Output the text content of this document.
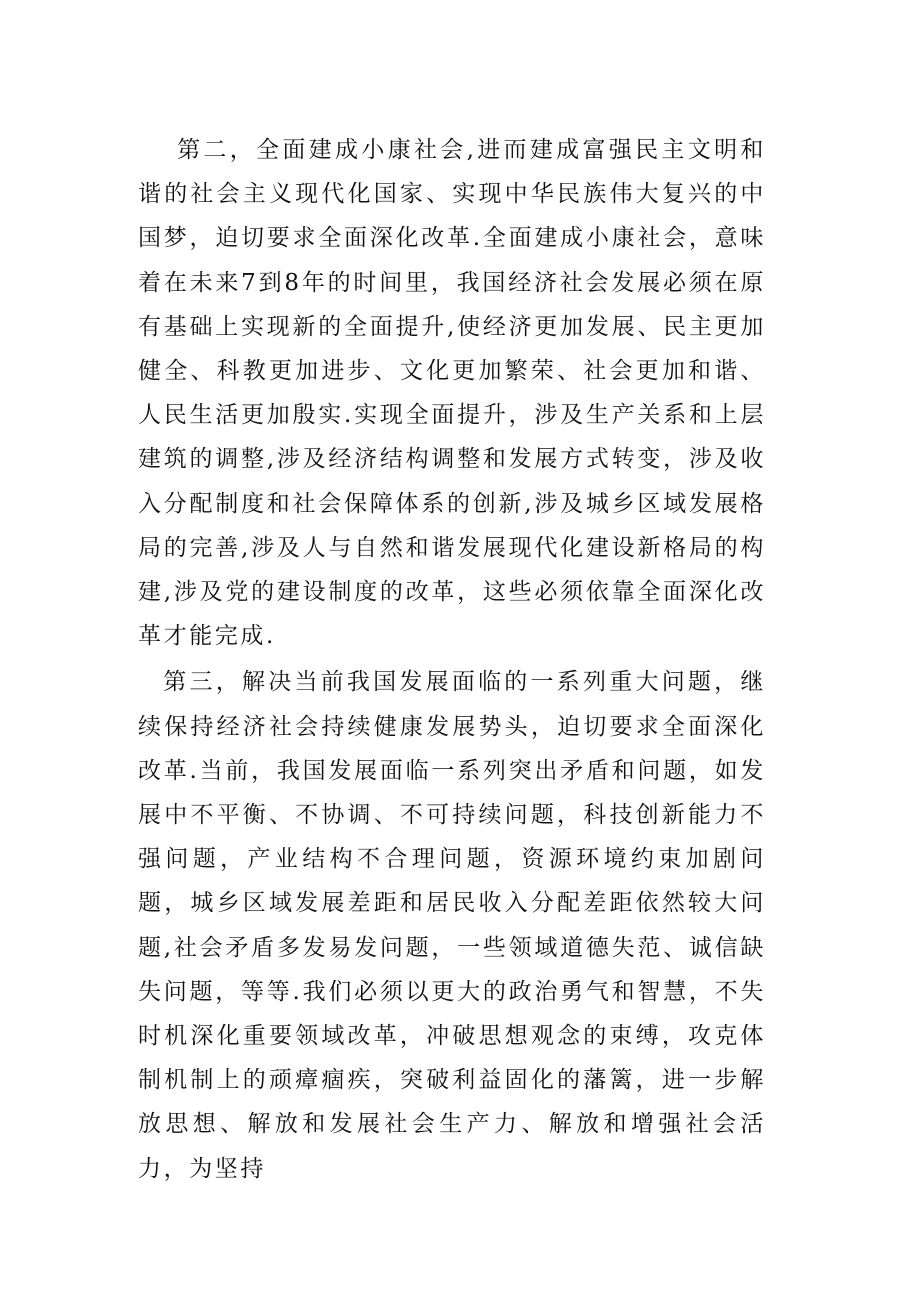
第二，全面建成小康社会,进而建成富强民主文明和谐的社会主义现代化国家、实现中华民族伟大复兴的中国梦，迫切要求全面深化改革.全面建成小康社会，意味着在未来7到8年的时间里，我国经济社会发展必须在原有基础上实现新的全面提升,使经济更加发展、民主更加健全、科教更加进步、文化更加繁荣、社会更加和谐、人民生活更加殷实.实现全面提升，涉及生产关系和上层建筑的调整,涉及经济结构调整和发展方式转变，涉及收入分配制度和社会保障体系的创新,涉及城乡区域发展格局的完善,涉及人与自然和谐发展现代化建设新格局的构建,涉及党的建设制度的改革，这些必须依靠全面深化改革才能完成.

第三，解决当前我国发展面临的一系列重大问题，继续保持经济社会持续健康发展势头，迫切要求全面深化改革.当前，我国发展面临一系列突出矛盾和问题，如发展中不平衡、不协调、不可持续问题，科技创新能力不强问题，产业结构不合理问题，资源环境约束加剧问题，城乡区域发展差距和居民收入分配差距依然较大问题,社会矛盾多发易发问题，一些领域道德失范、诚信缺失问题，等等.我们必须以更大的政治勇气和智慧，不失时机深化重要领域改革，冲破思想观念的束缚，攻克体制机制上的顽瘴痼疾，突破利益固化的藩篱，进一步解放思想、解放和发展社会生产力、解放和增强社会活力，为坚持
